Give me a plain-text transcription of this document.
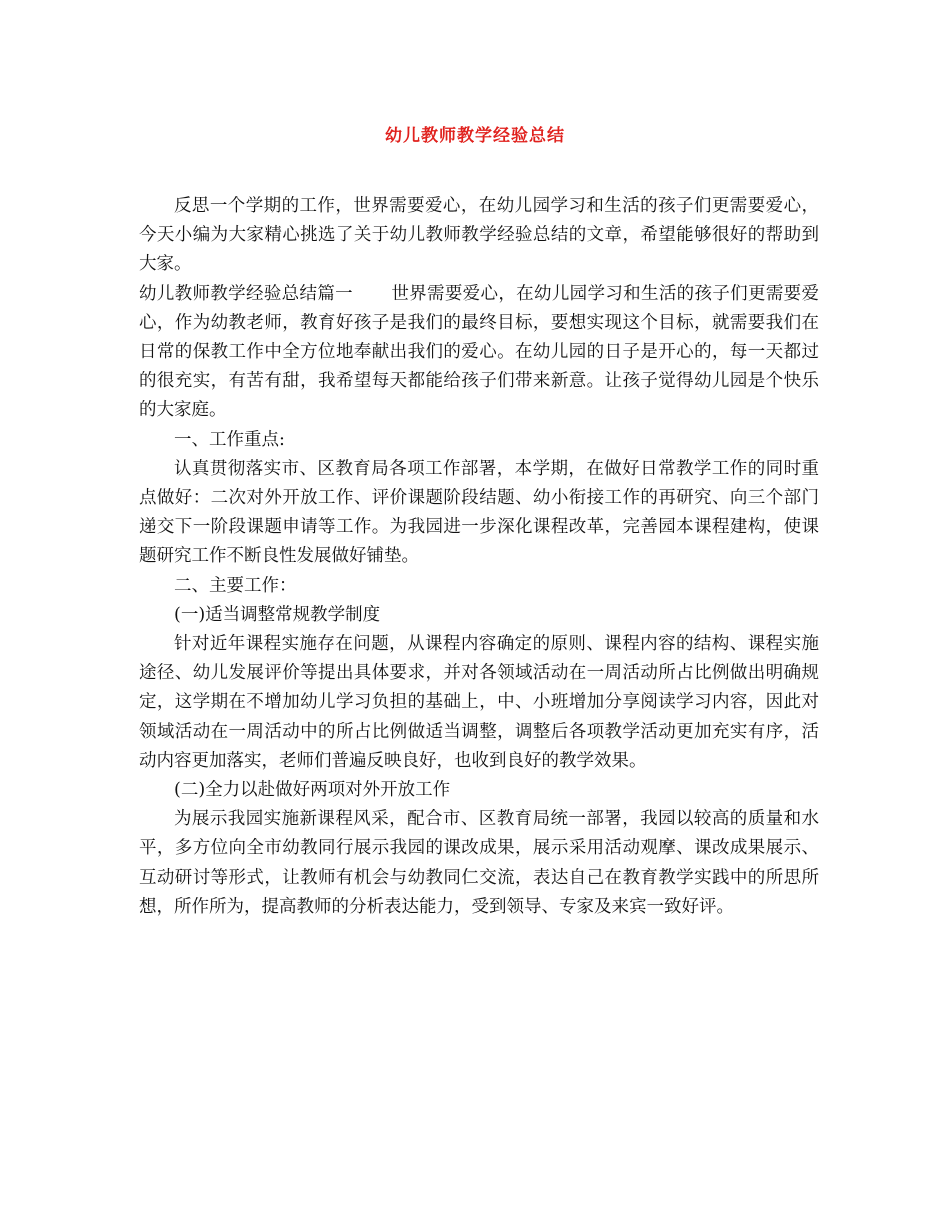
幼儿教师教学经验总结

反思一个学期的工作，世界需要爱心，在幼儿园学习和生活的孩子们更需要爱心，今天小编为大家精心挑选了关于幼儿教师教学经验总结的文章，希望能够很好的帮助到大家。

幼儿教师教学经验总结篇一 世界需要爱心，在幼儿园学习和生活的孩子们更需要爱心，作为幼教老师，教育好孩子是我们的最终目标，要想实现这个目标，就需要我们在日常的保教工作中全方位地奉献出我们的爱心。在幼儿园的日子是开心的，每一天都过的很充实，有苦有甜，我希望每天都能给孩子们带来新意。让孩子觉得幼儿园是个快乐的大家庭。

一、工作重点:

认真贯彻落实市、区教育局各项工作部署，本学期，在做好日常教学工作的同时重点做好：二次对外开放工作、评价课题阶段结题、幼小衔接工作的再研究、向三个部门递交下一阶段课题申请等工作。为我园进一步深化课程改革，完善园本课程建构，使课题研究工作不断良性发展做好铺垫。

二、主要工作：

(一)适当调整常规教学制度

针对近年课程实施存在问题，从课程内容确定的原则、课程内容的结构、课程实施途径、幼儿发展评价等提出具体要求，并对各领域活动在一周活动所占比例做出明确规定，这学期在不增加幼儿学习负担的基础上，中、小班增加分享阅读学习内容，因此对领域活动在一周活动中的所占比例做适当调整，调整后各项教学活动更加充实有序，活动内容更加落实，老师们普遍反映良好，也收到良好的教学效果。

(二)全力以赴做好两项对外开放工作

为展示我园实施新课程风采，配合市、区教育局统一部署，我园以较高的质量和水平，多方位向全市幼教同行展示我园的课改成果，展示采用活动观摩、课改成果展示、互动研讨等形式，让教师有机会与幼教同仁交流，表达自己在教育教学实践中的所思所想，所作所为，提高教师的分析表达能力，受到领导、专家及来宾一致好评。
